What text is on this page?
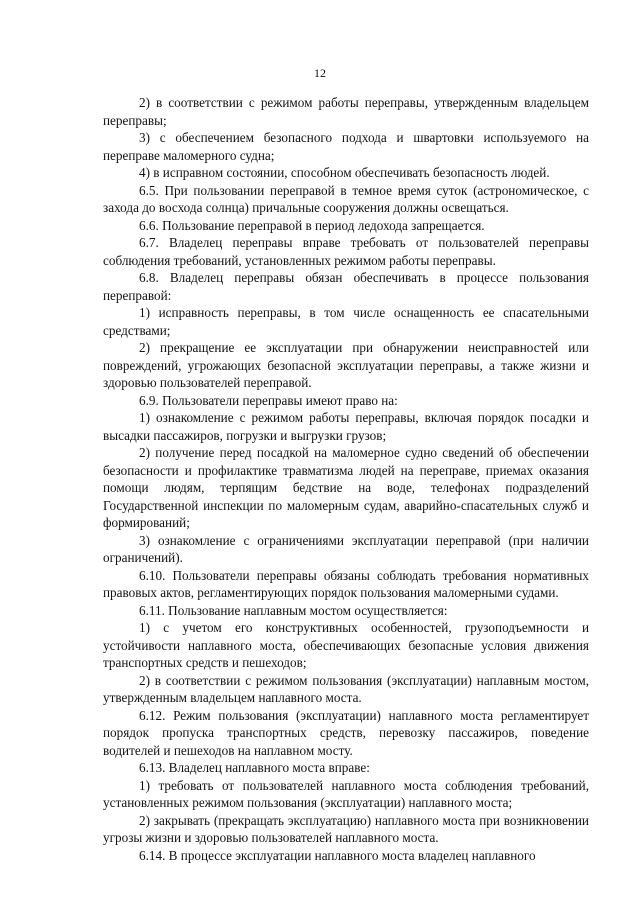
12

2) в соответствии с режимом работы переправы, утвержденным владельцем переправы;

3) с обеспечением безопасного подхода и швартовки используемого на переправе маломерного судна;

4) в исправном состоянии, способном обеспечивать безопасность людей.

6.5. При пользовании переправой в темное время суток (астрономическое, с захода до восхода солнца) причальные сооружения должны освещаться.

6.6. Пользование переправой в период ледохода запрещается.

6.7. Владелец переправы вправе требовать от пользователей переправы соблюдения требований, установленных режимом работы переправы.

6.8. Владелец переправы обязан обеспечивать в процессе пользования переправой:

1) исправность переправы, в том числе оснащенность ее спасательными средствами;

2) прекращение ее эксплуатации при обнаружении неисправностей или повреждений, угрожающих безопасной эксплуатации переправы, а также жизни и здоровью пользователей переправой.

6.9. Пользователи переправы имеют право на:

1) ознакомление с режимом работы переправы, включая порядок посадки и высадки пассажиров, погрузки и выгрузки грузов;

2) получение перед посадкой на маломерное судно сведений об обеспечении безопасности и профилактике травматизма людей на переправе, приемах оказания помощи людям, терпящим бедствие на воде, телефонах подразделений Государственной инспекции по маломерным судам, аварийно-спасательных служб и формирований;

3) ознакомление с ограничениями эксплуатации переправой (при наличии ограничений).

6.10. Пользователи переправы обязаны соблюдать требования нормативных правовых актов, регламентирующих порядок пользования маломерными судами.

6.11. Пользование наплавным мостом осуществляется:

1) с учетом его конструктивных особенностей, грузоподъемности и устойчивости наплавного моста, обеспечивающих безопасные условия движения транспортных средств и пешеходов;

2) в соответствии с режимом пользования (эксплуатации) наплавным мостом, утвержденным владельцем наплавного моста.

6.12. Режим пользования (эксплуатации) наплавного моста регламентирует порядок пропуска транспортных средств, перевозку пассажиров, поведение водителей и пешеходов на наплавном мосту.

6.13. Владелец наплавного моста вправе:

1) требовать от пользователей наплавного моста соблюдения требований, установленных режимом пользования (эксплуатации) наплавного моста;

2) закрывать (прекращать эксплуатацию) наплавного моста при возникновении угрозы жизни и здоровью пользователей наплавного моста.

6.14. В процессе эксплуатации наплавного моста владелец наплавного
